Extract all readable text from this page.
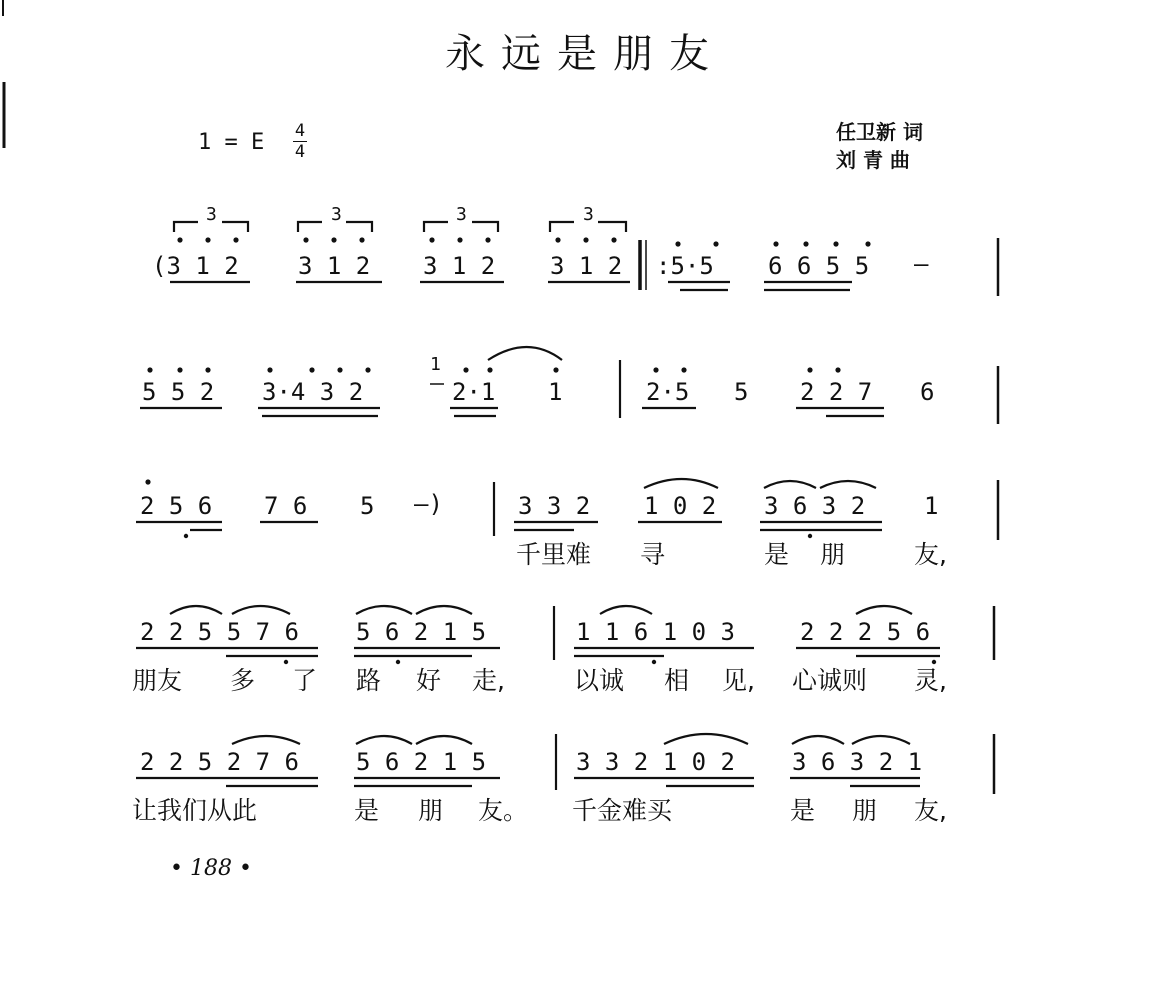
永远是朋友
1 = E	4
4
任卫新 词
刘 青 曲
3	3	3	3
(3 1 2 3 1 2 3 1 2 3 1 2 :5·5 6 6 5 5 —
1
5 5 2 3·4 3 2	2·1 1	2·5 5 2 2 7 6
2 5 6 7 6 5 —)	3 3 2 1 0 2 3 6 3 2 1
千里难 寻	是 朋	友,
2 2 5 5 7 6 5 6 2 1 5	1 1 6 1 0 3	2 2 2 5 6
朋友 多 了 路 好 走,	以诚 相 见, 心诚则 灵,
2 2 5 2 7 6 5 6 2 1 5	3 3 2 1 0 2 3 6 3 2 1
让我们从此	是 朋 友。 千金难买	是 朋 友,
• 188 •
